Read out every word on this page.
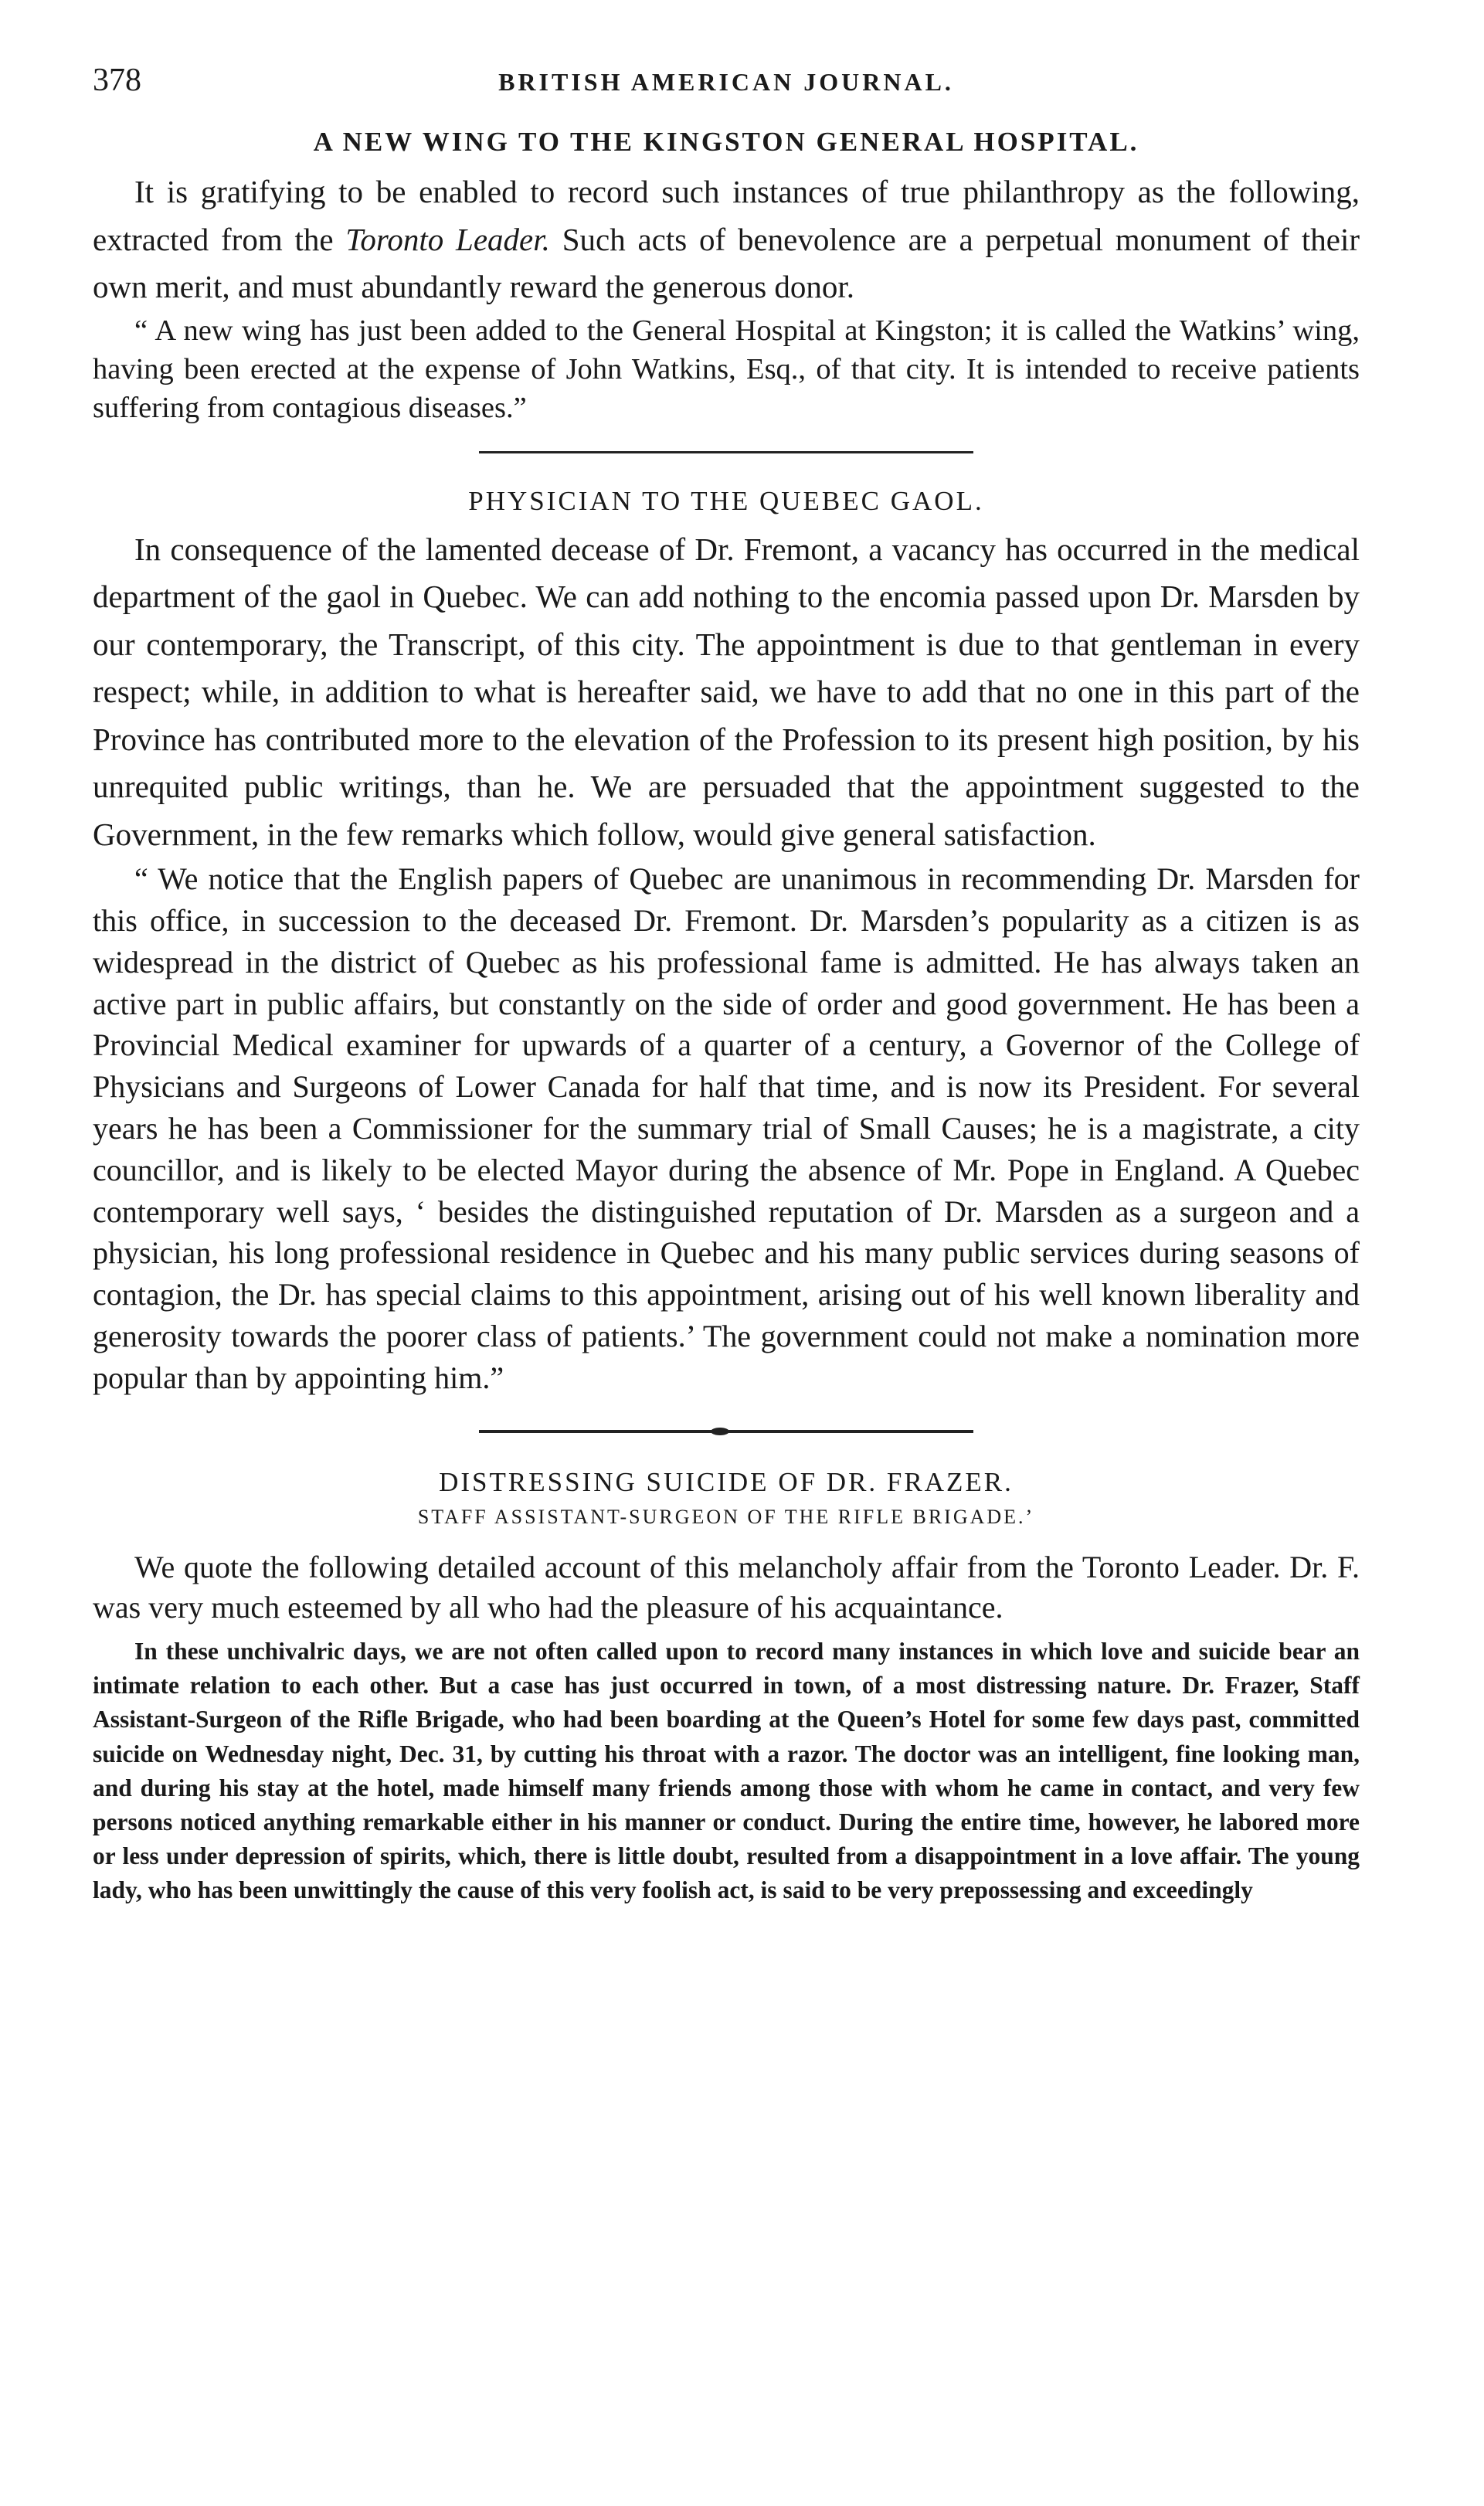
378	BRITISH AMERICAN JOURNAL.
A NEW WING TO THE KINGSTON GENERAL HOSPITAL.

It is gratifying to be enabled to record such instances of true philanthropy as the following, extracted from the Toronto Leader. Such acts of benevolence are a perpetual monument of their own merit, and must abundantly reward the generous donor.

“ A new wing has just been added to the General Hospital at Kingston; it is called the Watkins’ wing, having been erected at the expense of John Watkins, Esq., of that city. It is intended to receive patients suffering from contagious diseases.”

PHYSICIAN TO THE QUEBEC GAOL.

In consequence of the lamented decease of Dr. Fremont, a vacancy has occurred in the medical department of the gaol in Quebec. We can add nothing to the encomia passed upon Dr. Marsden by our contemporary, the Transcript, of this city. The appointment is due to that gentleman in every respect; while, in addition to what is hereafter said, we have to add that no one in this part of the Province has contributed more to the elevation of the Profession to its present high position, by his unrequited public writings, than he. We are persuaded that the appointment suggested to the Government, in the few remarks which follow, would give general satisfaction.

“ We notice that the English papers of Quebec are unanimous in recommending Dr. Marsden for this office, in succession to the deceased Dr. Fremont. Dr. Marsden’s popularity as a citizen is as widespread in the district of Quebec as his professional fame is admitted. He has always taken an active part in public affairs, but constantly on the side of order and good government. He has been a Provincial Medical examiner for upwards of a quarter of a century, a Governor of the College of Physicians and Surgeons of Lower Canada for half that time, and is now its President. For several years he has been a Commissioner for the summary trial of Small Causes; he is a magistrate, a city councillor, and is likely to be elected Mayor during the absence of Mr. Pope in England. A Quebec contemporary well says, ‘ besides the distinguished reputation of Dr. Marsden as a surgeon and a physician, his long professional residence in Quebec and his many public services during seasons of contagion, the Dr. has special claims to this appointment, arising out of his well known liberality and generosity towards the poorer class of patients.’ The government could not make a nomination more popular than by appointing him.”

DISTRESSING SUICIDE OF DR. FRAZER.
STAFF ASSISTANT-SURGEON OF THE RIFLE BRIGADE.’

We quote the following detailed account of this melancholy affair from the Toronto Leader. Dr. F. was very much esteemed by all who had the pleasure of his acquaintance.

In these unchivalric days, we are not often called upon to record many instances in which love and suicide bear an intimate relation to each other. But a case has just occurred in town, of a most distressing nature. Dr. Frazer, Staff Assistant-Surgeon of the Rifle Brigade, who had been boarding at the Queen’s Hotel for some few days past, committed suicide on Wednesday night, Dec. 31, by cutting his throat with a razor. The doctor was an intelligent, fine looking man, and during his stay at the hotel, made himself many friends among those with whom he came in contact, and very few persons noticed anything remarkable either in his manner or conduct. During the entire time, however, he labored more or less under depression of spirits, which, there is little doubt, resulted from a disappointment in a love affair. The young lady, who has been unwittingly the cause of this very foolish act, is said to be very prepossessing and exceedingly
